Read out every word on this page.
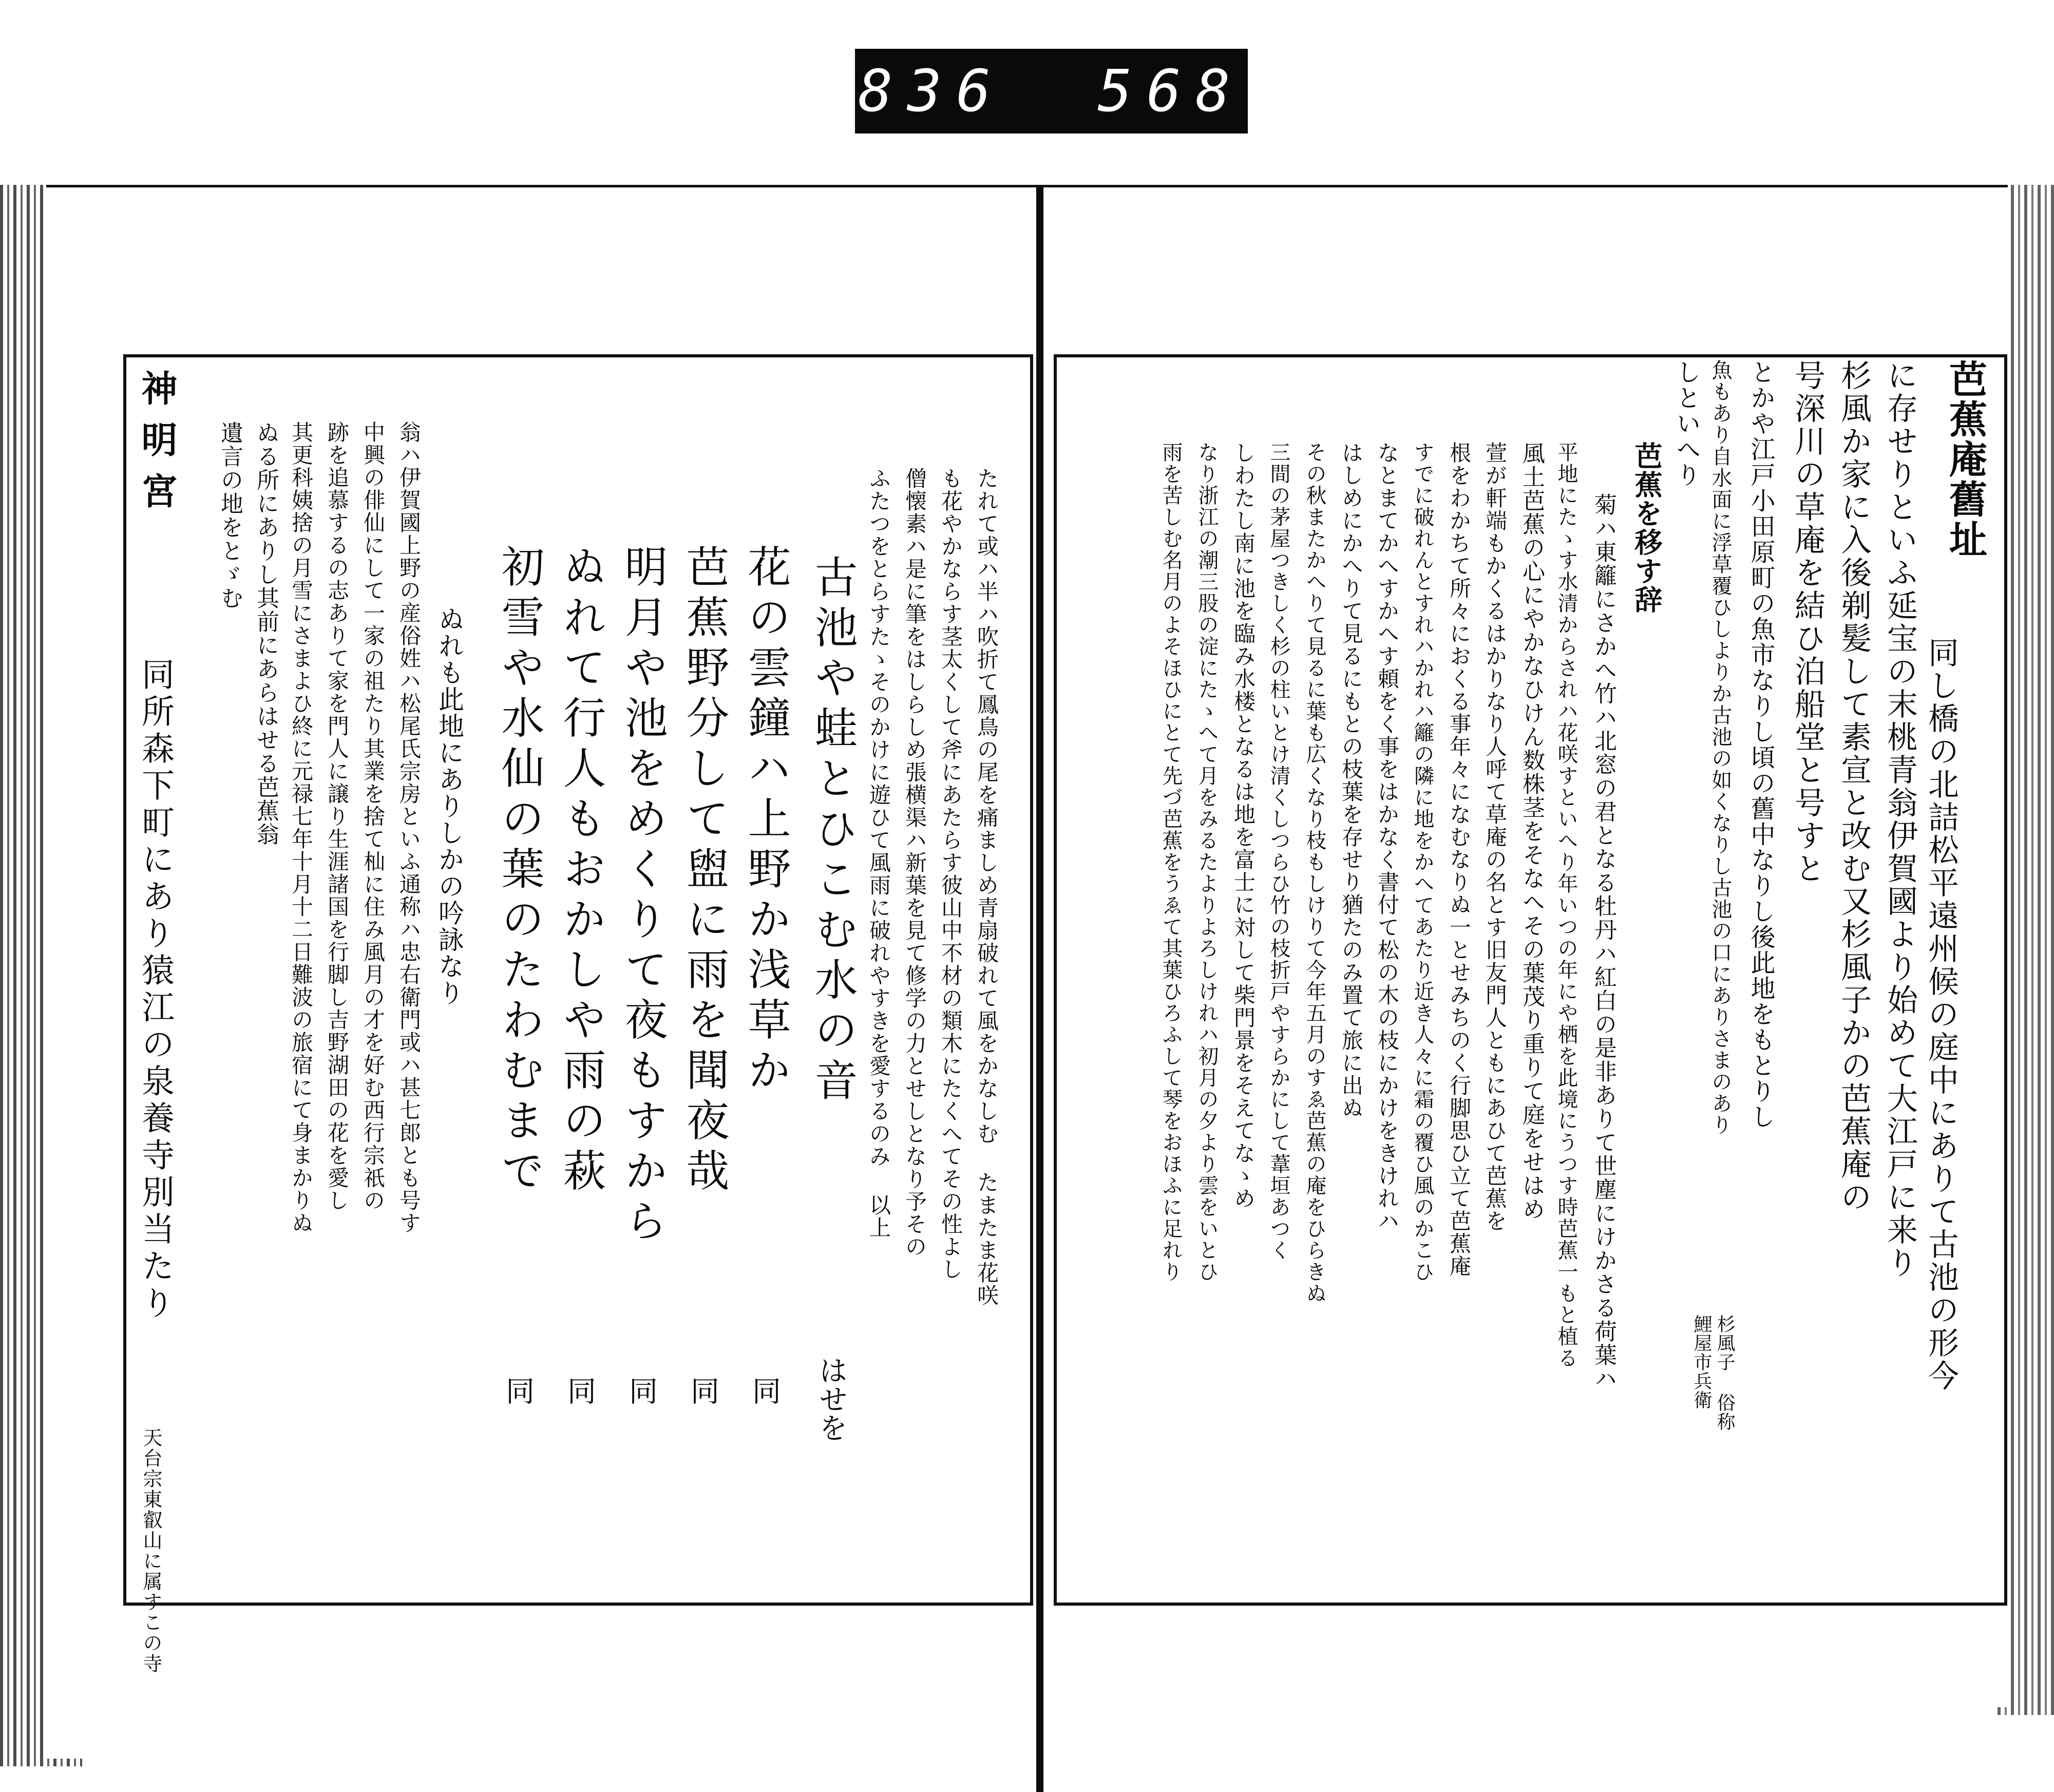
836 568
芭蕉庵舊址
同し橋の北詰松平遠州候の庭中にありて古池の形今
に存せりといふ延宝の末桃青翁伊賀國より始めて大江戸に来り
杉風か家に入後剃髪して素宣と改む又杉風子かの芭蕉庵の
号深川の草庵を結ひ泊船堂と号すと
とかや江戸小田原町の魚市なりし頃の舊中なりし後此地をもとりし
魚もあり自水面に浮草覆ひしよりか古池の如くなりし古池の口にありさまのあり
しといへり
杉風子 俗称
鯉屋市兵衛
芭蕉を移す辞
菊ハ東籬にさかへ竹ハ北窓の君となる牡丹ハ紅白の是非ありて世塵にけかさる荷葉ハ
平地にたゝす水清からされハ花咲すといへり年いつの年にや栖を此境にうつす時芭蕉一もと植る
風土芭蕉の心にやかなひけん数株茎をそなへその葉茂り重りて庭をせはめ
萱が軒端もかくるはかりなり人呼て草庵の名とす旧友門人ともにあひて芭蕉を
根をわかちて所々におくる事年々になむなりぬ一とせみちのく行脚思ひ立て芭蕉庵
すでに破れんとすれハかれハ籬の隣に地をかへてあたり近き人々に霜の覆ひ風のかこひ
なとまてかへすかへす頼をく事をはかなく書付て松の木の枝にかけをきけれハ
はしめにかへりて見るにもとの枝葉を存せり猶たのみ置て旅に出ぬ
その秋またかへりて見るに葉も広くなり枝もしけりて今年五月のすゑ芭蕉の庵をひらきぬ
三間の茅屋つきしく杉の柱いとけ清くしつらひ竹の枝折戸やすらかにして葦垣あつく
しわたし南に池を臨み水楼となるは地を富士に対して柴門景をそえてなゝめ
なり浙江の潮三股の淀にたゝへて月をみるたよりよろしけれハ初月の夕より雲をいとひ
雨を苦しむ名月のよそほひにとて先づ芭蕉をうゑて其葉ひろふして琴をおほふに足れり
たれて或ハ半ハ吹折て鳳鳥の尾を痛ましめ青扇破れて風をかなしむ たまたま花咲
も花やかならす茎太くして斧にあたらす彼山中不材の類木にたくへてその性よし
僧懐素ハ是に筆をはしらしめ張横渠ハ新葉を見て修学の力とせしとなり予その
ふたつをとらすたゝそのかけに遊ひて風雨に破れやすきを愛するのみ 以上
古池や蛙とひこむ水の音
はせを
花の雲鐘ハ上野か浅草か
同
芭蕉野分して盥に雨を聞夜哉
同
明月や池をめくりて夜もすから
同
ぬれて行人もおかしや雨の萩
同
初雪や水仙の葉のたわむまで
同
ぬれも此地にありしかの吟詠なり
翁ハ伊賀國上野の産俗姓ハ松尾氏宗房といふ通称ハ忠右衛門或ハ甚七郎とも号す
中興の俳仙にして一家の祖たり其業を捨て杣に住み風月の才を好む西行宗祇の
跡を追慕するの志ありて家を門人に譲り生涯諸国を行脚し吉野湖田の花を愛し
其更科姨捨の月雪にさまよひ終に元禄七年十月十二日難波の旅宿にて身まかりぬ
ぬる所にありし其前にあらはせる芭蕉翁
遺言の地をとゞむ
神明宮
同所森下町にあり猿江の泉養寺別当たり
天台宗東叡山に属すこの寺
